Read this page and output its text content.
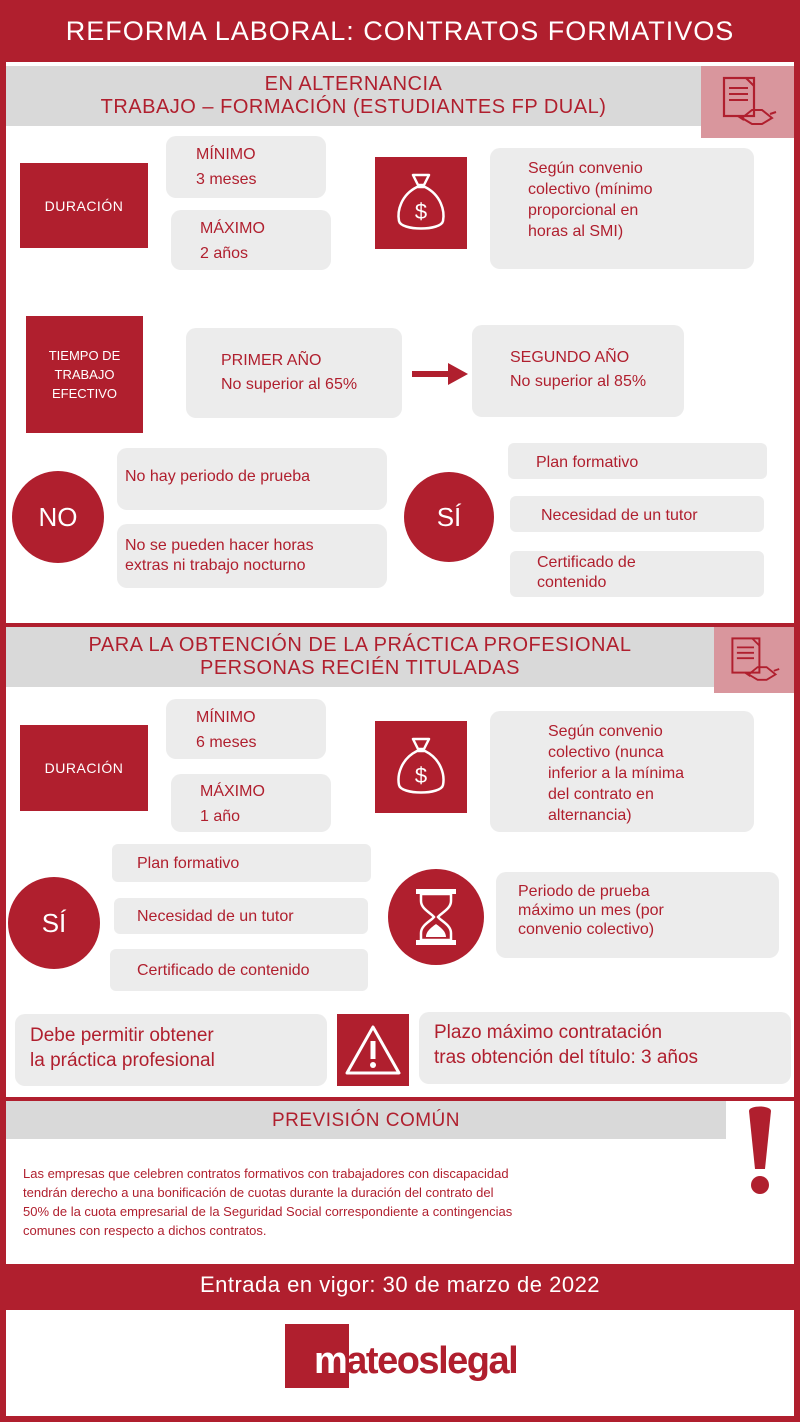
REFORMA LABORAL: CONTRATOS FORMATIVOS
EN ALTERNANCIA
TRABAJO – FORMACIÓN (ESTUDIANTES FP DUAL)
DURACIÓN
MÍNIMO
3 meses
MÁXIMO
2 años
$
Según convenio
colectivo (mínimo
proporcional en
horas al SMI)
TIEMPO DE
TRABAJO
EFECTIVO
PRIMER AÑO
No superior al 65%
SEGUNDO AÑO
No superior al 85%
NO
No hay periodo de prueba
No se pueden hacer horas
extras ni trabajo nocturno
SÍ
Plan formativo
Necesidad de un tutor
Certificado de
contenido
PARA LA OBTENCIÓN DE LA PRÁCTICA PROFESIONAL
PERSONAS RECIÉN TITULADAS
DURACIÓN
MÍNIMO
6 meses
MÁXIMO
1 año
$
Según convenio
colectivo (nunca
inferior a la mínima
del contrato en
alternancia)
SÍ
Plan formativo
Necesidad de un tutor
Certificado de contenido
Periodo de prueba
máximo un mes (por
convenio colectivo)
Debe permitir obtener
la práctica profesional
Plazo máximo contratación
tras obtención del título: 3 años
PREVISIÓN COMÚN
Las empresas que celebren contratos formativos con trabajadores con discapacidad
tendrán derecho a una bonificación de cuotas durante la duración del contrato del
50% de la cuota empresarial de la Seguridad Social correspondiente a contingencias
comunes con respecto a dichos contratos.
Entrada en vigor: 30 de marzo de 2022
mateoslegal
